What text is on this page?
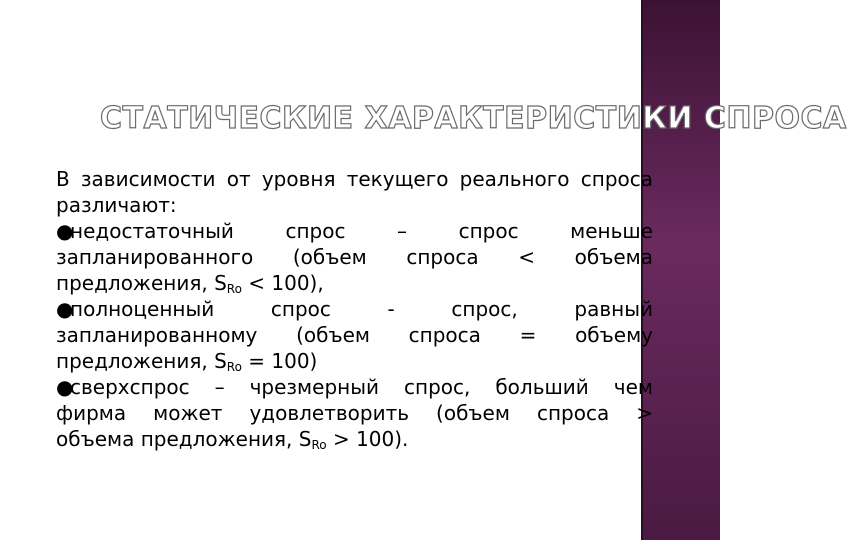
СТАТИЧЕСКИЕ ХАРАКТЕРИСТИКИ СПРОСА

В зависимости от уровня текущего реального спроса
различают:

●недостаточный спрос – спрос меньше
запланированного (объем спроса < объема
предложения, $S_{Ro} < 100$),

●полноценный спрос - спрос, равный
запланированному (объем спроса = объему
предложения, $S_{Ro} = 100$)

●сверхспрос – чрезмерный спрос, больший чем
фирма может удовлетворить (объем спроса >
объема предложения, $S_{Ro} > 100$).
